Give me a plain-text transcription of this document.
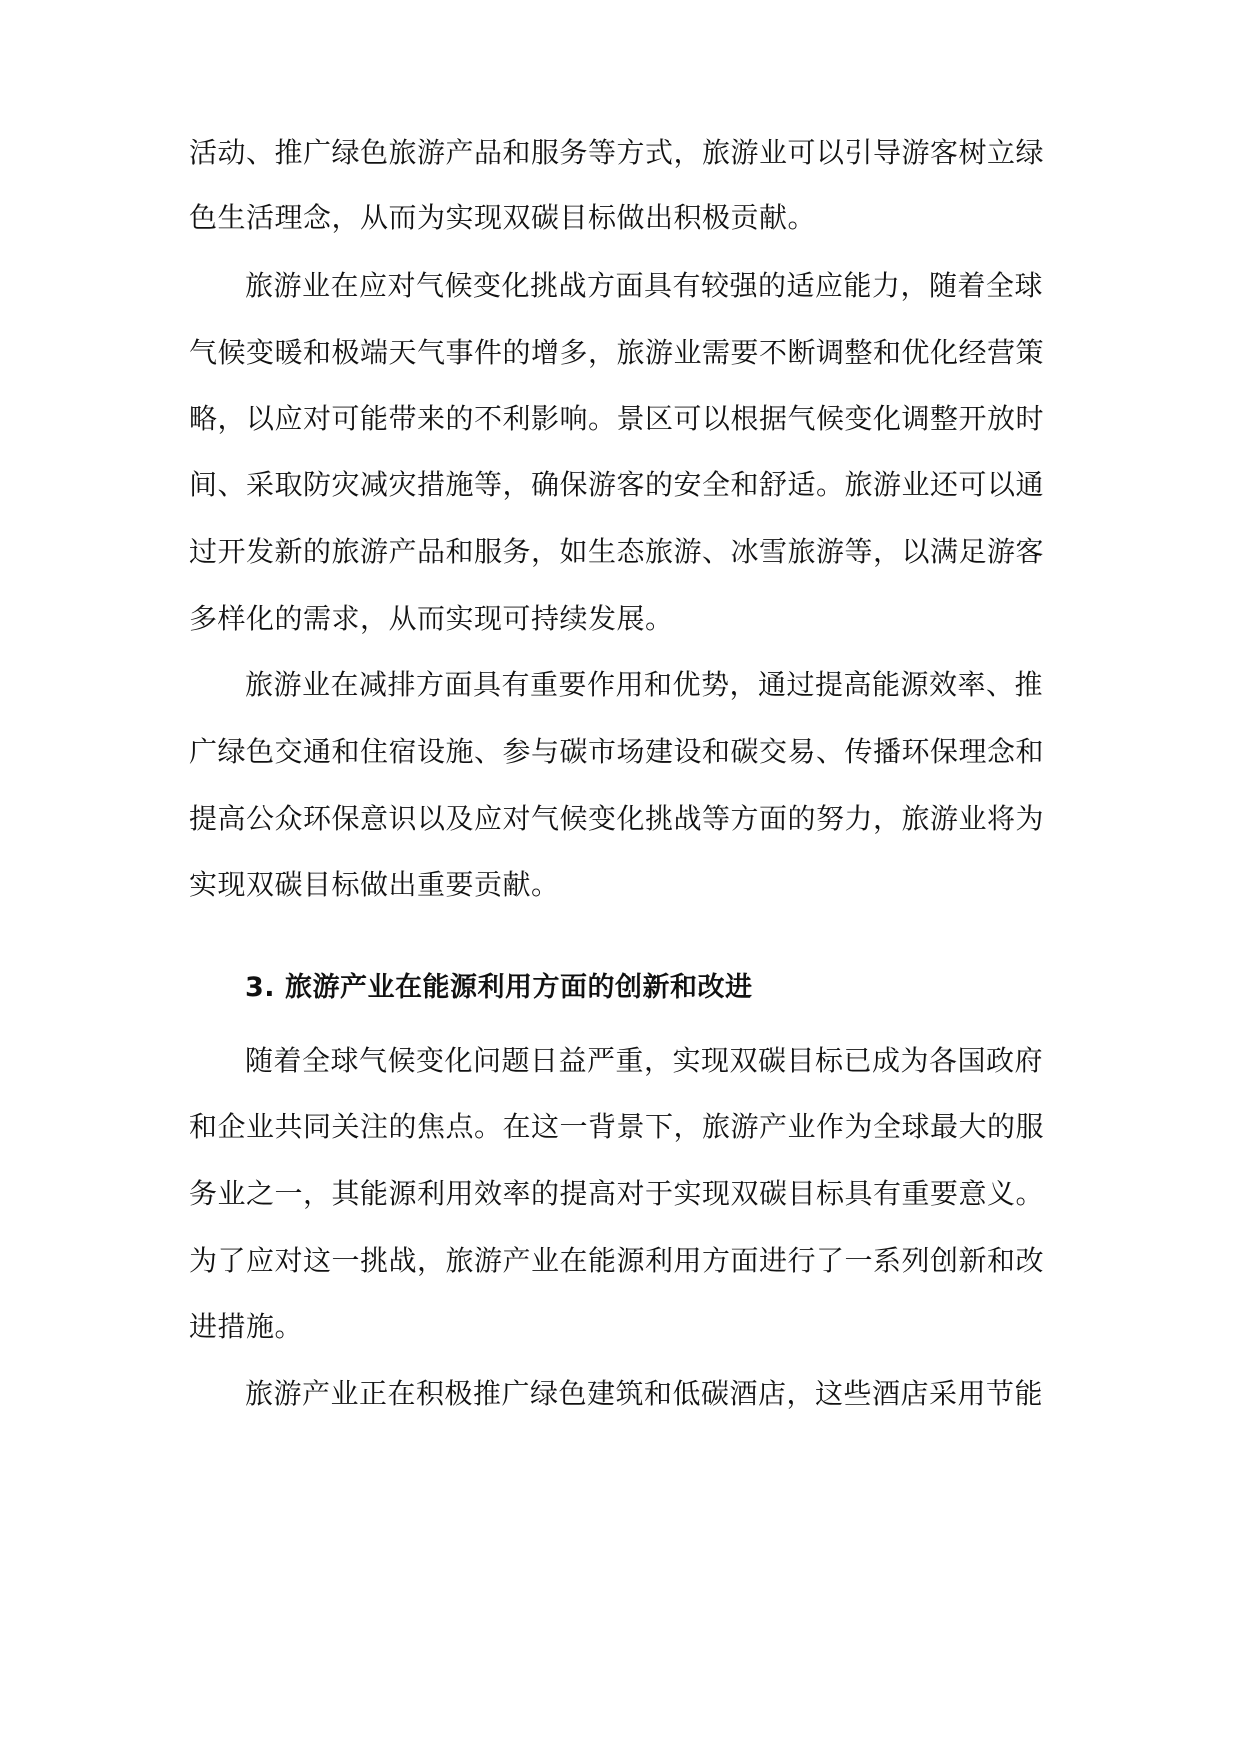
活动、推广绿色旅游产品和服务等方式，旅游业可以引导游客树立绿
色生活理念，从而为实现双碳目标做出积极贡献。
旅游业在应对气候变化挑战方面具有较强的适应能力，随着全球
气候变暖和极端天气事件的增多，旅游业需要不断调整和优化经营策
略，以应对可能带来的不利影响。景区可以根据气候变化调整开放时
间、采取防灾减灾措施等，确保游客的安全和舒适。旅游业还可以通
过开发新的旅游产品和服务，如生态旅游、冰雪旅游等，以满足游客
多样化的需求，从而实现可持续发展。
旅游业在减排方面具有重要作用和优势，通过提高能源效率、推
广绿色交通和住宿设施、参与碳市场建设和碳交易、传播环保理念和
提高公众环保意识以及应对气候变化挑战等方面的努力，旅游业将为
实现双碳目标做出重要贡献。
3. 旅游产业在能源利用方面的创新和改进
随着全球气候变化问题日益严重，实现双碳目标已成为各国政府
和企业共同关注的焦点。在这一背景下，旅游产业作为全球最大的服
务业之一，其能源利用效率的提高对于实现双碳目标具有重要意义。
为了应对这一挑战，旅游产业在能源利用方面进行了一系列创新和改
进措施。
旅游产业正在积极推广绿色建筑和低碳酒店，这些酒店采用节能
